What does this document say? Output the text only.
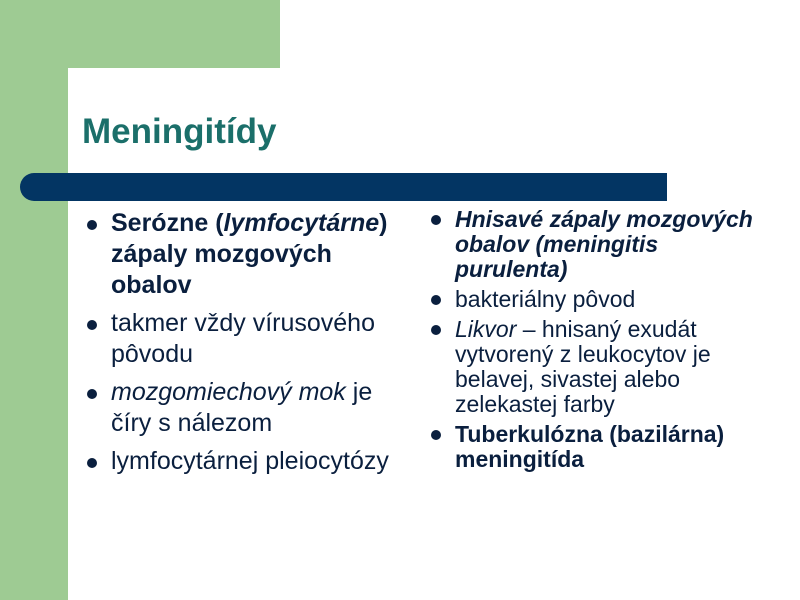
Meningitídy
Serózne (lymfocytárne) zápaly mozgových obalov
takmer vždy vírusového pôvodu
mozgomiechový mok je číry s nálezom
lymfocytárnej pleiocytózy
Hnisavé zápaly mozgových obalov (meningitis purulenta)
bakteriálny pôvod
Likvor – hnisaný exudát vytvorený z leukocytov je belavej, sivastej alebo zelekastej farby
Tuberkulózna (bazilárna) meningitída
